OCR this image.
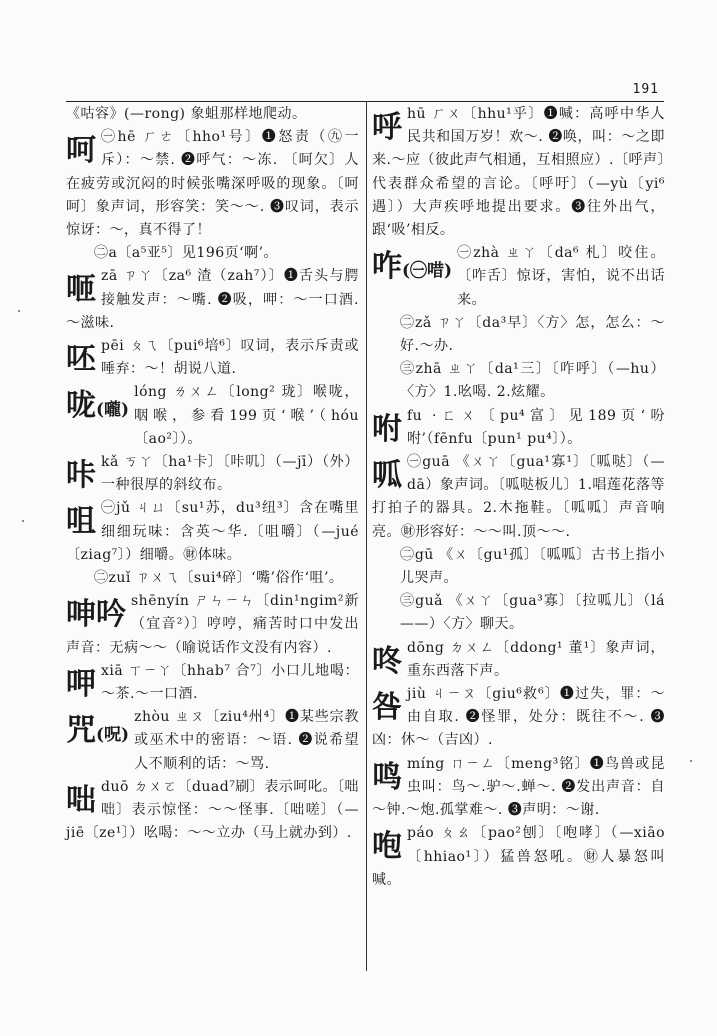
191

《咕容》(—rong) 象蛆那样地爬动。

呵 ㊀hē ㄏㄜ〔hho¹号〕❶怒责（㊈一斥）：～禁. ❷呼气：～冻. 〔呵欠〕人在疲劳或沉闷的时候张嘴深呼吸的现象。〔呵呵〕象声词，形容笑：笑～～. ❸叹词，表示惊讶：～，真不得了！

㊁a〔a⁵亚⁵〕见196页‘啊’。

咂 zā ㄗㄚ〔za⁶ 渣（zah⁷）〕❶舌头与腭接触发声：～嘴. ❷吸，呷：～一口酒.～滋味.

呸 pēi ㄆㄟ〔pui⁶培⁶〕叹词，表示斥责或唾弃：～！胡说八道.

咙(嚨)

lóng ㄌㄨㄥ〔long² 珑〕喉咙，咽喉，参看199页‘喉’（hóu〔ao²〕）。

咔 kǎ ㄎㄚ〔ha¹卡〕〔咔叽〕（—jī）（外）一种很厚的斜纹布。

咀 ㊀jǔ ㄐㄩ〔su¹苏，du³纽³〕含在嘴里细细玩味：含英～华.〔咀嚼〕（—jué〔ziag⁷〕）细嚼。㊖体味。

㊁zuǐ ㄗㄨㄟ〔sui⁴碎〕‘嘴’俗作‘咀’。

呻吟 shēnyín ㄕㄣㄧㄣ〔din¹ngim²新（宜音²）〕哼哼，痛苦时口中发出声音：无病～～（喻说话作文没有内容）.

呷 xiā ㄒㄧㄚ〔hhab⁷ 合⁷〕小口儿地喝：～茶.～一口酒.

咒(呪)

zhòu ㄓㄡ〔ziu⁴州⁴〕❶某些宗教或巫术中的密语：～语. ❷说希望人不顺利的话：～骂.

咄 duō ㄉㄨㄛ〔duad⁷刷〕表示呵叱。〔咄咄〕表示惊怪：～～怪事.〔咄嗟〕（—jiē〔ze¹〕）吆喝：～～立办（马上就办到）.

呼 hū ㄏㄨ〔hhu¹乎〕❶喊：高呼中华人民共和国万岁！欢～. ❷唤，叫：～之即来.～应（彼此声气相通，互相照应）.〔呼声〕代表群众希望的言论。〔呼吁〕（—yù〔yi⁶遇〕）大声疾呼地提出要求。❸往外出气，跟‘吸’相反。

咋(㊀唶)

㊀zhà ㄓㄚ〔da⁶ 札〕咬住。〔咋舌〕惊讶，害怕，说不出话来。

㊁zǎ ㄗㄚ〔da³早〕〈方〉怎，怎么：～好.～办.

㊂zhā ㄓㄚ〔da¹三〕〔咋呼〕（—hu）〈方〉1.吆喝. 2.炫耀。

咐 fu ·ㄈㄨ〔pu⁴富〕见189页‘吩咐’（fēnfu〔pun¹ pu⁴〕）。

呱 ㊀guā 《ㄨㄚ〔gua¹寡¹〕〔呱哒〕（—dā）象声词。〔呱哒板儿〕1.唱莲花落等打拍子的器具。2.木拖鞋。〔呱呱〕声音响亮。㊖形容好：～～叫.顶～～.

㊁gū 《ㄨ〔gu¹孤〕〔呱呱〕古书上指小儿哭声。

㊂guǎ 《ㄨㄚ〔gua³寡〕〔拉呱儿〕（lá——）〈方〉聊天。

咚 dōng ㄉㄨㄥ〔ddong¹ 董¹〕象声词，重东西落下声。

咎 jiù ㄐㄧㄡ〔giu⁶救⁶〕❶过失，罪：～由自取. ❷怪罪，处分：既往不～. ❸凶：休～（吉凶）.

鸣 míng ㄇㄧㄥ〔meng³铭〕❶鸟兽或昆虫叫：鸟～.驴～.蝉～. ❷发出声音：自～钟.～炮.孤掌难～. ❸声明：～谢.

咆 páo ㄆㄠ〔pao²刨〕〔咆哮〕（—xiāo〔hhiao¹〕）猛兽怒吼。㊖人暴怒叫喊。
